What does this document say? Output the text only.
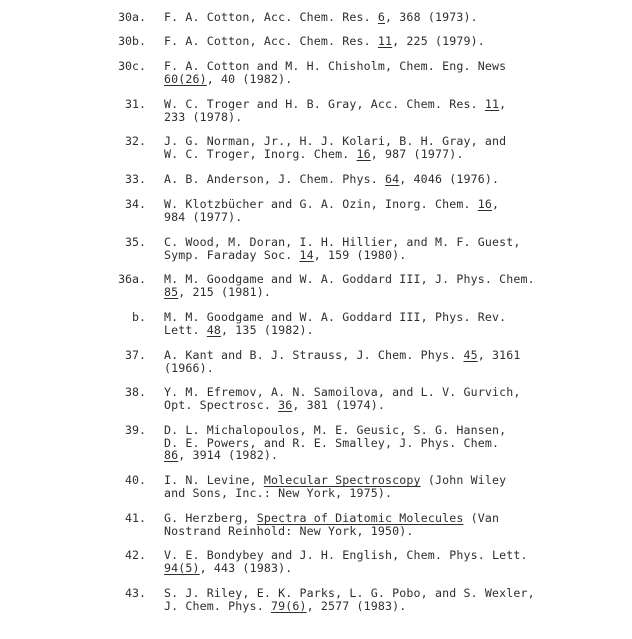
30a. F. A. Cotton, Acc. Chem. Res. 6, 368 (1973).
30b. F. A. Cotton, Acc. Chem. Res. 11, 225 (1979).
30c. F. A. Cotton and M. H. Chisholm, Chem. Eng. News
60(26), 40 (1982).
31. W. C. Troger and H. B. Gray, Acc. Chem. Res. 11,
233 (1978).
32. J. G. Norman, Jr., H. J. Kolari, B. H. Gray, and
W. C. Troger, Inorg. Chem. 16, 987 (1977).
33. A. B. Anderson, J. Chem. Phys. 64, 4046 (1976).
34. W. Klotzbücher and G. A. Ozin, Inorg. Chem. 16,
984 (1977).
35. C. Wood, M. Doran, I. H. Hillier, and M. F. Guest,
Symp. Faraday Soc. 14, 159 (1980).
36a. M. M. Goodgame and W. A. Goddard III, J. Phys. Chem.
85, 215 (1981).
b. M. M. Goodgame and W. A. Goddard III, Phys. Rev.
Lett. 48, 135 (1982).
37. A. Kant and B. J. Strauss, J. Chem. Phys. 45, 3161
(1966).
38. Y. M. Efremov, A. N. Samoilova, and L. V. Gurvich,
Opt. Spectrosc. 36, 381 (1974).
39. D. L. Michalopoulos, M. E. Geusic, S. G. Hansen,
D. E. Powers, and R. E. Smalley, J. Phys. Chem.
86, 3914 (1982).
40. I. N. Levine, Molecular Spectroscopy (John Wiley
and Sons, Inc.: New York, 1975).
41. G. Herzberg, Spectra of Diatomic Molecules (Van
Nostrand Reinhold: New York, 1950).
42. V. E. Bondybey and J. H. English, Chem. Phys. Lett.
94(5), 443 (1983).
43. S. J. Riley, E. K. Parks, L. G. Pobo, and S. Wexler,
J. Chem. Phys. 79(6), 2577 (1983).
